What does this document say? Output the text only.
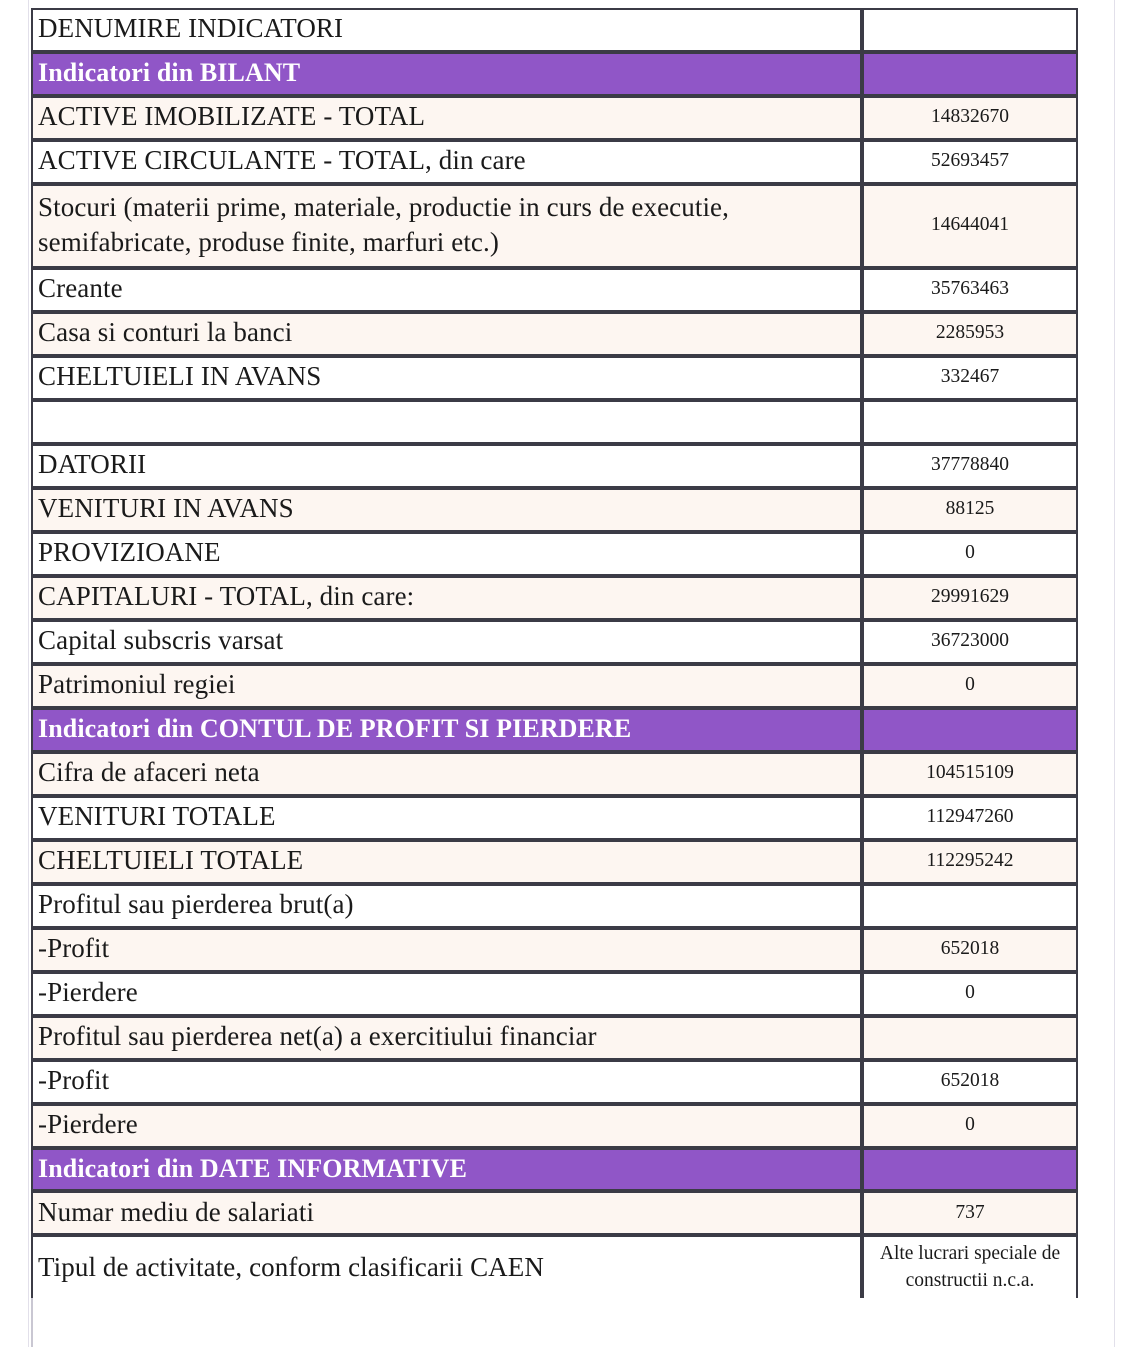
DENUMIRE INDICATORI	
Indicatori din BILANT	
ACTIVE IMOBILIZATE - TOTAL	14832670
ACTIVE CIRCULANTE - TOTAL, din care	52693457
Stocuri (materii prime, materiale, productie in curs de executie, semifabricate, produse finite, marfuri etc.)	14644041
Creante	35763463
Casa si conturi la banci	2285953
CHELTUIELI IN AVANS	332467

DATORII	37778840
VENITURI IN AVANS	88125
PROVIZIOANE	0
CAPITALURI - TOTAL, din care:	29991629
Capital subscris varsat	36723000
Patrimoniul regiei	0
Indicatori din CONTUL DE PROFIT SI PIERDERE	
Cifra de afaceri neta	104515109
VENITURI TOTALE	112947260
CHELTUIELI TOTALE	112295242
Profitul sau pierderea brut(a)	
-Profit	652018
-Pierdere	0
Profitul sau pierderea net(a) a exercitiului financiar	
-Profit	652018
-Pierdere	0
Indicatori din DATE INFORMATIVE	
Numar mediu de salariati	737
Tipul de activitate, conform clasificarii CAEN	Alte lucrari speciale de constructii n.c.a.
